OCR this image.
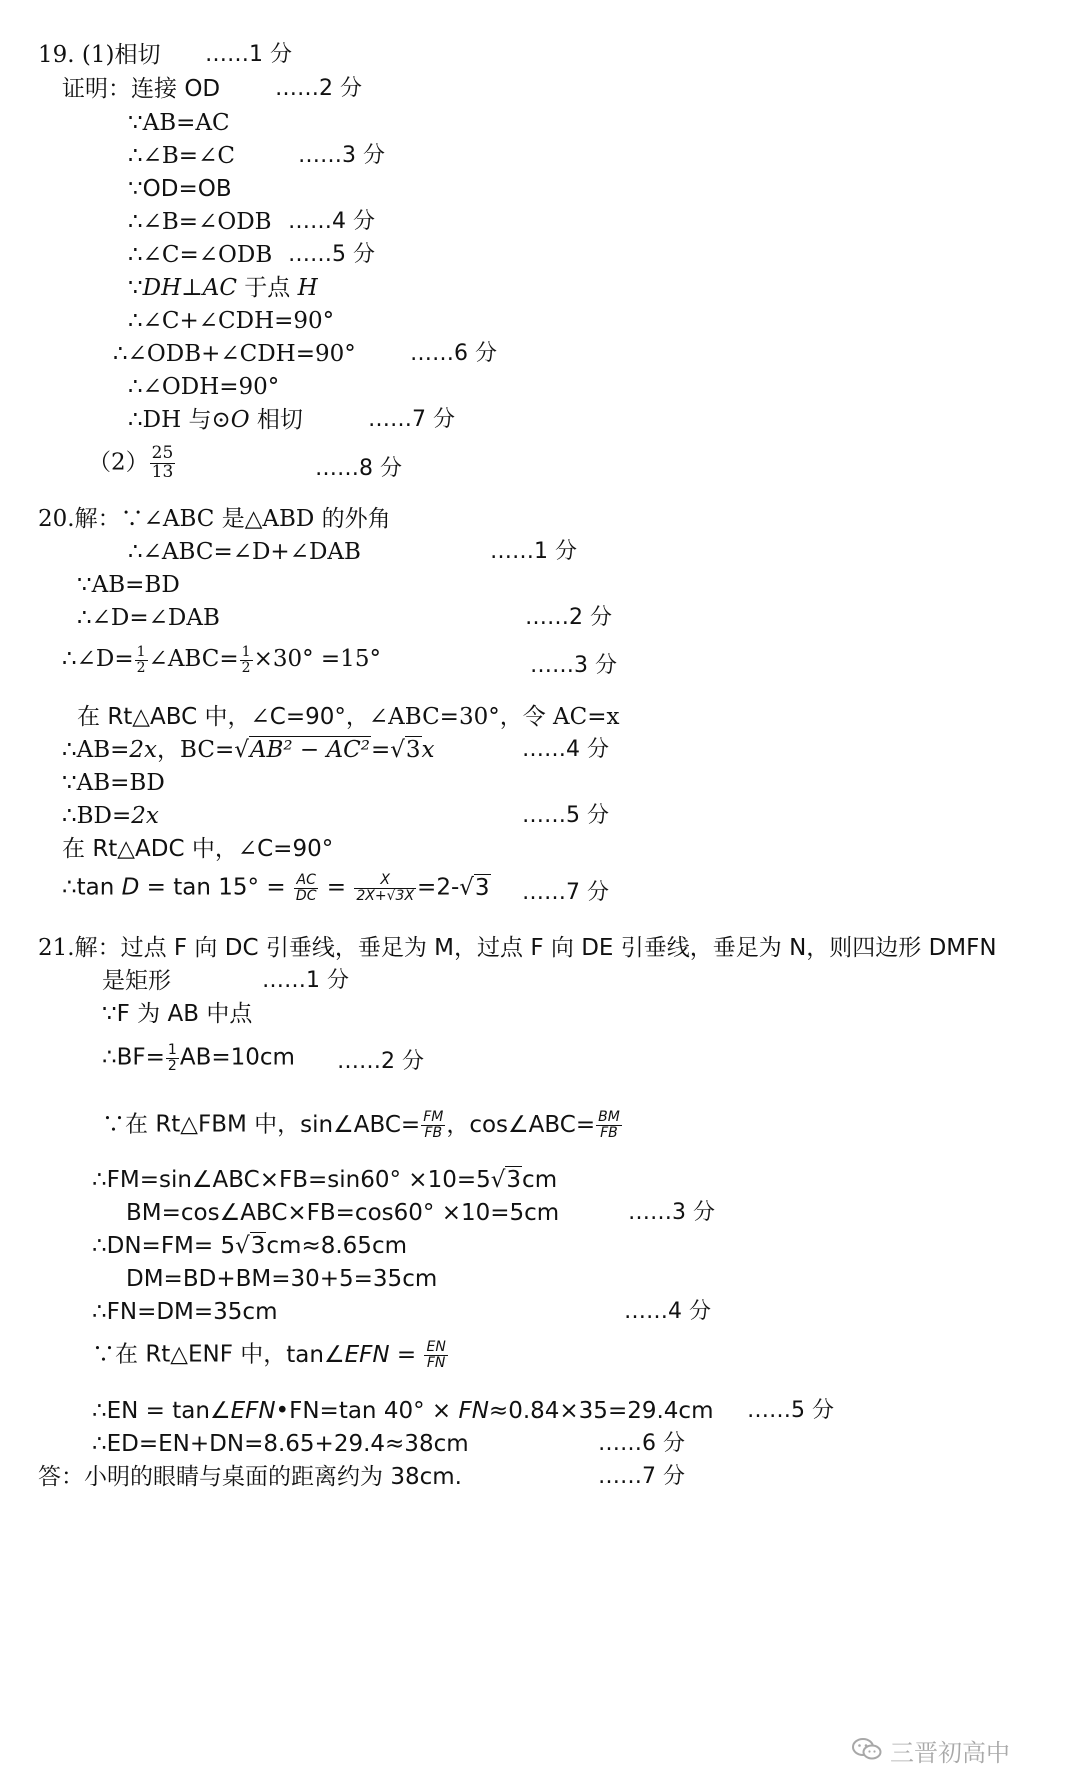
19. (1)相切 ……1 分
证明：连接 OD ……2 分
∵AB=AC
∴∠B=∠C	……3 分
∵OD=OB
∴∠B=∠ODB ……4 分
∴∠C=∠ODB ……5 分
∵DH⊥AC 于点 H
∴∠C+∠CDH=90°
∴∠ODB+∠CDH=90° ……6 分
∴∠ODH=90°
∴DH 与⊙O 相切	……7 分
$(2) \frac{25}{13}$	……8 分
20.解：∵∠ABC 是△ABD 的外角
∴∠ABC=∠D+∠DAB	……1 分
∵AB=BD
∴∠D=∠DAB	……2 分
∴∠D= $\frac{1}{2}$ ∠ABC= $\frac{1}{2} \times 30^\circ =15^\circ$	……3 分
在 Rt△ABC 中，∠C=90°，∠ABC=30°，令 AC=x
∴AB=2x，BC=√AB² − AC²=√3x	……4 分
∵AB=BD
∴BD=2x	……5 分
在 Rt△ADC 中，∠C=90°
∴tan $D = \tan 15^\circ = \frac{AC}{DC} = \frac{X}{2X+√3X} =2-√3$ ……7 分
21.解：过点 F 向 DC 引垂线，垂足为 M，过点 F 向 DE 引垂线，垂足为 N，则四边形 DMFN
是矩形	……1 分
∵F 为 AB 中点
∴BF= $\frac{1}{2} AB=10cm$ ……2 分
∵在 Rt△FBM 中，sin∠ABC= $\frac{FM}{FB}$ ，cos∠ABC= $\frac{BM}{FB}$
∴FM=sin∠ABC×FB=sin60° ×10=5√3cm
BM=cos∠ABC×FB=cos60° ×10=5cm	……3 分
∴DN=FM= 5√3cm≈8.65cm
DM=BD+BM=30+5=35cm
∴FN=DM=35cm	……4 分
∵在 Rt△ENF 中，tan∠EFN = $\frac{EN}{FN}$
∴EN = tan∠EFN•FN=tan 40° × FN≈0.84×35=29.4cm ……5 分
∴ED=EN+DN=8.65+29.4≈38cm	……6 分
答：小明的眼睛与桌面的距离约为 38cm.	……7 分
三晋初高中
